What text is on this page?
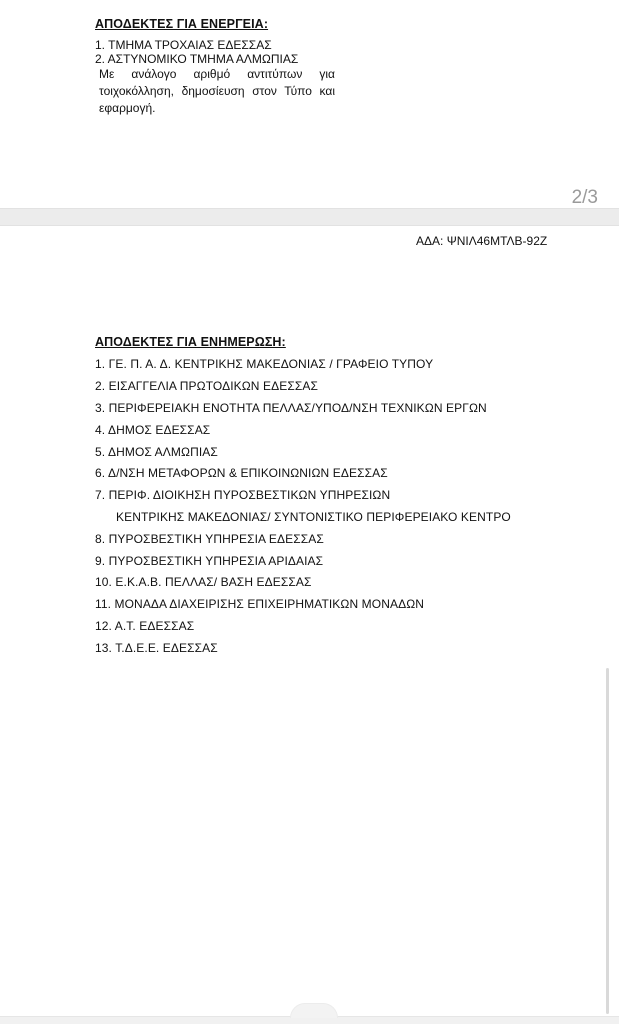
ΑΠΟΔΕΚΤΕΣ ΓΙΑ ΕΝΕΡΓΕΙΑ:
1. ΤΜΗΜΑ ΤΡΟΧΑΙΑΣ ΕΔΕΣΣΑΣ
2. ΑΣΤΥΝΟΜΙΚΟ ΤΜΗΜΑ ΑΛΜΩΠΙΑΣ
Με ανάλογο αριθμό αντιτύπων για τοιχοκόλληση, δημοσίευση στον Τύπο και εφαρμογή.
2/3
ΑΔΑ: ΨΝΙΛ46ΜΤΛΒ-92Ζ
ΑΠΟΔΕΚΤΕΣ ΓΙΑ ΕΝΗΜΕΡΩΣΗ:
1. ΓΕ. Π. Α. Δ. ΚΕΝΤΡΙΚΗΣ ΜΑΚΕΔΟΝΙΑΣ / ΓΡΑΦΕΙΟ ΤΥΠΟΥ
2. ΕΙΣΑΓΓΕΛΙΑ ΠΡΩΤΟΔΙΚΩΝ ΕΔΕΣΣΑΣ
3. ΠΕΡΙΦΕΡΕΙΑΚΗ ΕΝΟΤΗΤΑ ΠΕΛΛΑΣ/ΥΠΟΔ/ΝΣΗ ΤΕΧΝΙΚΩΝ ΕΡΓΩΝ
4. ΔΗΜΟΣ ΕΔΕΣΣΑΣ
5. ΔΗΜΟΣ ΑΛΜΩΠΙΑΣ
6. Δ/ΝΣΗ ΜΕΤΑΦΟΡΩΝ & ΕΠΙΚΟΙΝΩΝΙΩΝ ΕΔΕΣΣΑΣ
7. ΠΕΡΙΦ. ΔΙΟΙΚΗΣΗ ΠΥΡΟΣΒΕΣΤΙΚΩΝ ΥΠΗΡΕΣΙΩΝ
ΚΕΝΤΡΙΚΗΣ ΜΑΚΕΔΟΝΙΑΣ/ ΣΥΝΤΟΝΙΣΤΙΚΟ ΠΕΡΙΦΕΡΕΙΑΚΟ ΚΕΝΤΡΟ
8. ΠΥΡΟΣΒΕΣΤΙΚΗ ΥΠΗΡΕΣΙΑ ΕΔΕΣΣΑΣ
9. ΠΥΡΟΣΒΕΣΤΙΚΗ ΥΠΗΡΕΣΙΑ ΑΡΙΔΑΙΑΣ
10. Ε.Κ.Α.Β. ΠΕΛΛΑΣ/ ΒΑΣΗ ΕΔΕΣΣΑΣ
11. ΜΟΝΑΔΑ ΔΙΑΧΕΙΡΙΣΗΣ ΕΠΙΧΕΙΡΗΜΑΤΙΚΩΝ ΜΟΝΑΔΩΝ
12. Α.Τ. ΕΔΕΣΣΑΣ
13. Τ.Δ.Ε.Ε. ΕΔΕΣΣΑΣ
